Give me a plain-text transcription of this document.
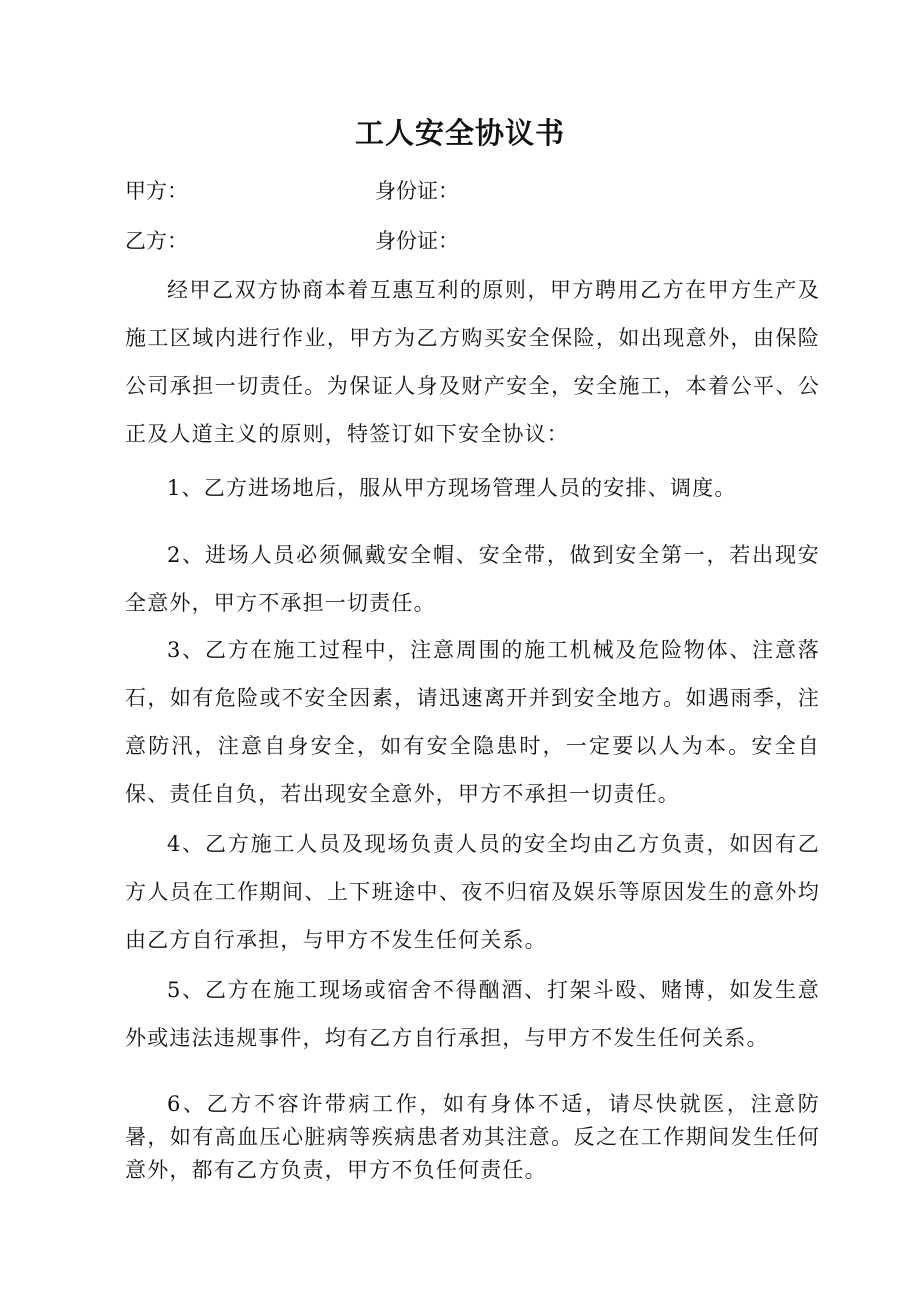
工人安全协议书
甲方：	身份证：
乙方：	身份证：

经甲乙双方协商本着互惠互利的原则，甲方聘用乙方在甲方生产及施工区域内进行作业，甲方为乙方购买安全保险，如出现意外，由保险公司承担一切责任。为保证人身及财产安全，安全施工，本着公平、公正及人道主义的原则，特签订如下安全协议：

1、乙方进场地后，服从甲方现场管理人员的安排、调度。

2、进场人员必须佩戴安全帽、安全带，做到安全第一，若出现安全意外，甲方不承担一切责任。

3、乙方在施工过程中，注意周围的施工机械及危险物体、注意落石，如有危险或不安全因素，请迅速离开并到安全地方。如遇雨季，注意防汛，注意自身安全，如有安全隐患时，一定要以人为本。安全自保、责任自负，若出现安全意外，甲方不承担一切责任。

4、乙方施工人员及现场负责人员的安全均由乙方负责，如因有乙方人员在工作期间、上下班途中、夜不归宿及娱乐等原因发生的意外均由乙方自行承担，与甲方不发生任何关系。

5、乙方在施工现场或宿舍不得酗酒、打架斗殴、赌博，如发生意外或违法违规事件，均有乙方自行承担，与甲方不发生任何关系。

6、乙方不容许带病工作，如有身体不适，请尽快就医，注意防暑，如有高血压心脏病等疾病患者劝其注意。反之在工作期间发生任何意外，都有乙方负责，甲方不负任何责任。
